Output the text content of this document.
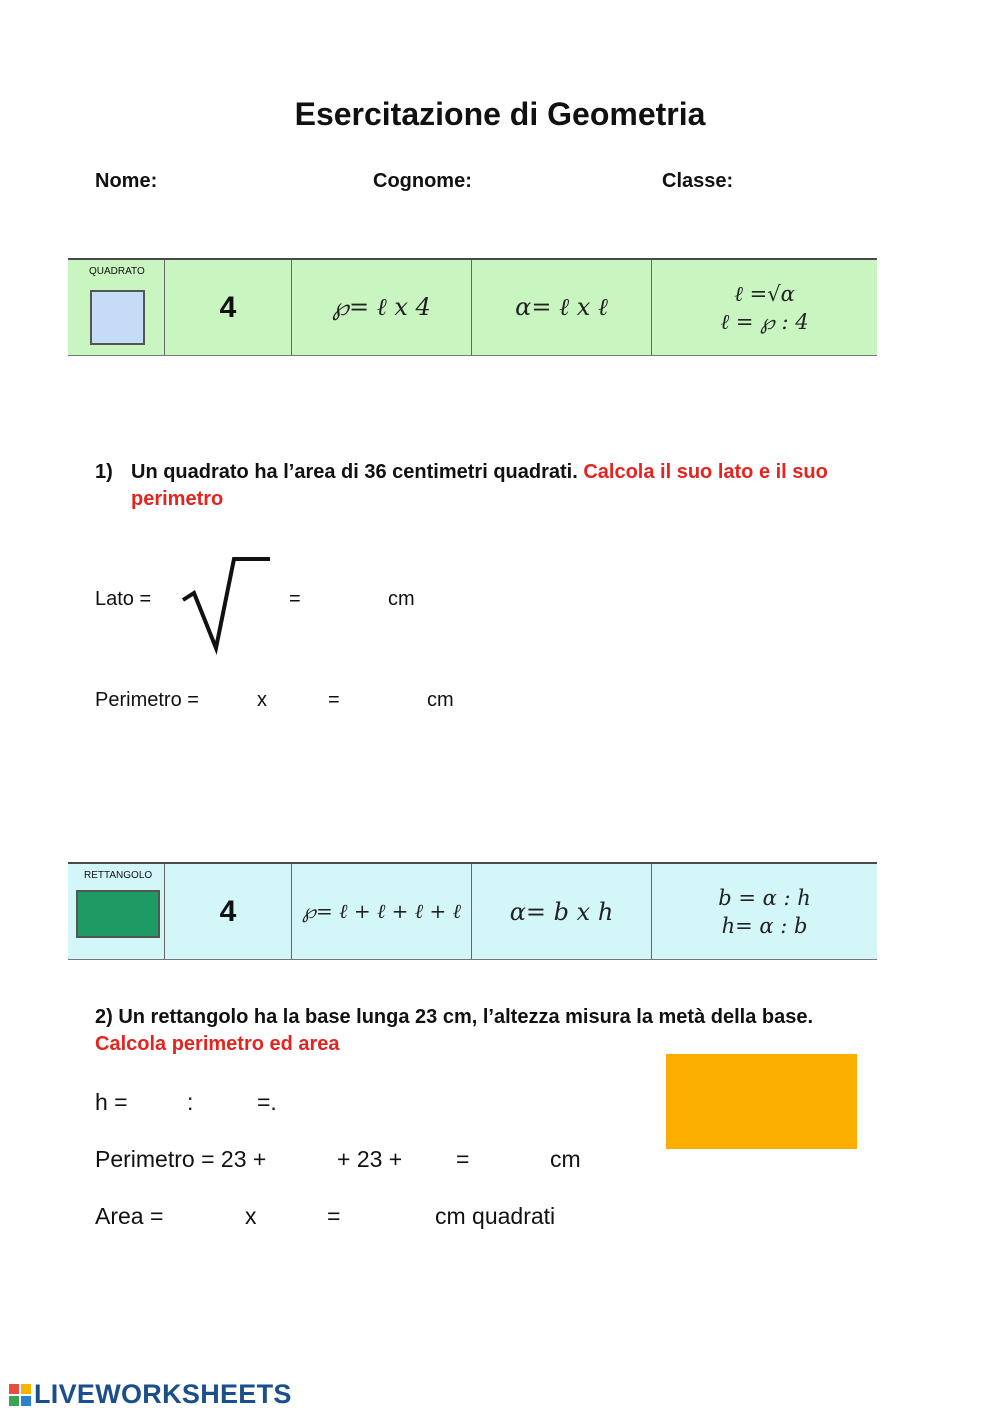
Esercitazione di Geometria
Nome:	Cognome:	Classe:
QUADRATO
4	℘= ℓ x 4	ɑ= ℓ x ℓ	ℓ =√ɑ
ℓ = ℘ : 4
1) Un quadrato ha l’area di 36 centimetri quadrati. Calcola il suo lato e il suo perimetro
Lato =	=	cm
Perimetro =	x	=	cm
RETTANGOLO
4	℘= ℓ + ℓ + ℓ + ℓ	ɑ= b x h	b = ɑ : h
h= ɑ : b
2) Un rettangolo ha la base lunga 23 cm, l’altezza misura la metà della base.
Calcola perimetro ed area
h =	:	=.
Perimetro = 23 +	+ 23 + =	cm
Area =	x	=	cm quadrati
LIVEWORKSHEETS
